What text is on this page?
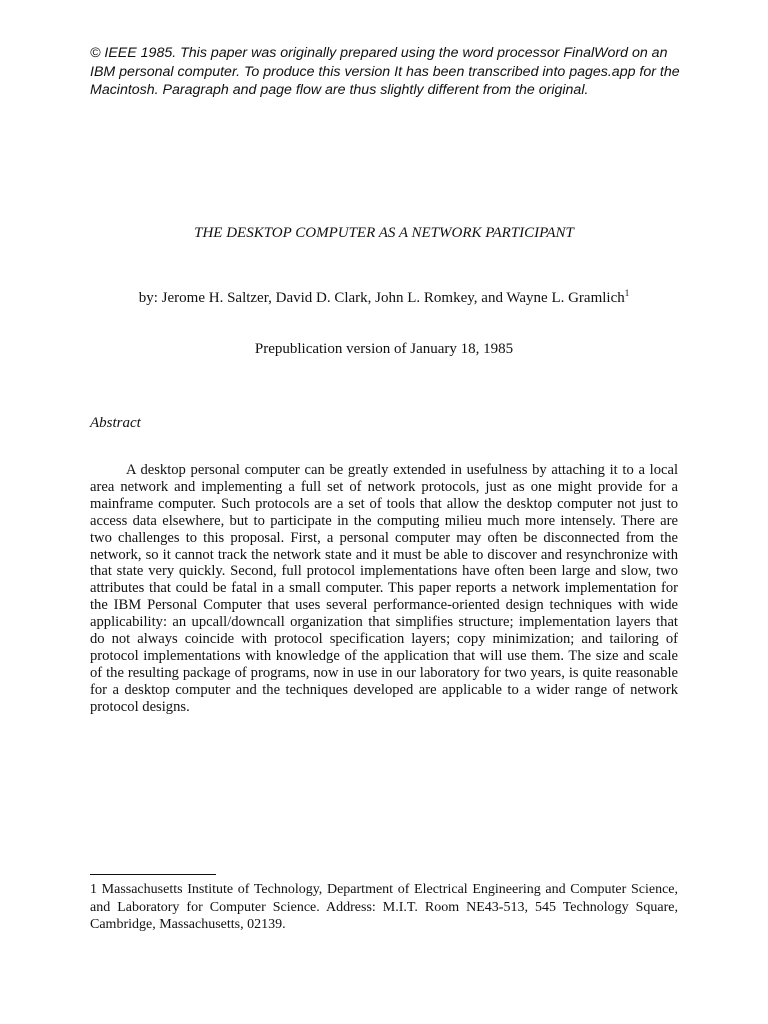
© IEEE 1985. This paper was originally prepared using the word processor FinalWord on an IBM personal computer. To produce this version It has been transcribed into pages.app for the Macintosh. Paragraph and page flow are thus slightly different from the original.
THE DESKTOP COMPUTER AS A NETWORK PARTICIPANT
by: Jerome H. Saltzer, David D. Clark, John L. Romkey, and Wayne L. Gramlich$^1$
Prepublication version of January 18, 1985
Abstract

A desktop personal computer can be greatly extended in usefulness by attaching it to a local area network and implementing a full set of network protocols, just as one might provide for a mainframe computer. Such protocols are a set of tools that allow the desktop computer not just to access data elsewhere, but to participate in the computing milieu much more intensely. There are two challenges to this proposal. First, a personal computer may often be disconnected from the network, so it cannot track the network state and it must be able to discover and resynchronize with that state very quickly. Second, full protocol implementations have often been large and slow, two attributes that could be fatal in a small computer. This paper reports a network implementation for the IBM Personal Computer that uses several performance-oriented design techniques with wide applicability: an upcall/downcall organization that simplifies structure; implementation layers that do not always coincide with protocol specification layers; copy minimization; and tailoring of protocol implementations with knowledge of the application that will use them. The size and scale of the resulting package of programs, now in use in our laboratory for two years, is quite reasonable for a desktop computer and the techniques developed are applicable to a wider range of network protocol designs.

1 Massachusetts Institute of Technology, Department of Electrical Engineering and Computer Science, and Laboratory for Computer Science. Address: M.I.T. Room NE43-513, 545 Technology Square, Cambridge, Massachusetts, 02139.
